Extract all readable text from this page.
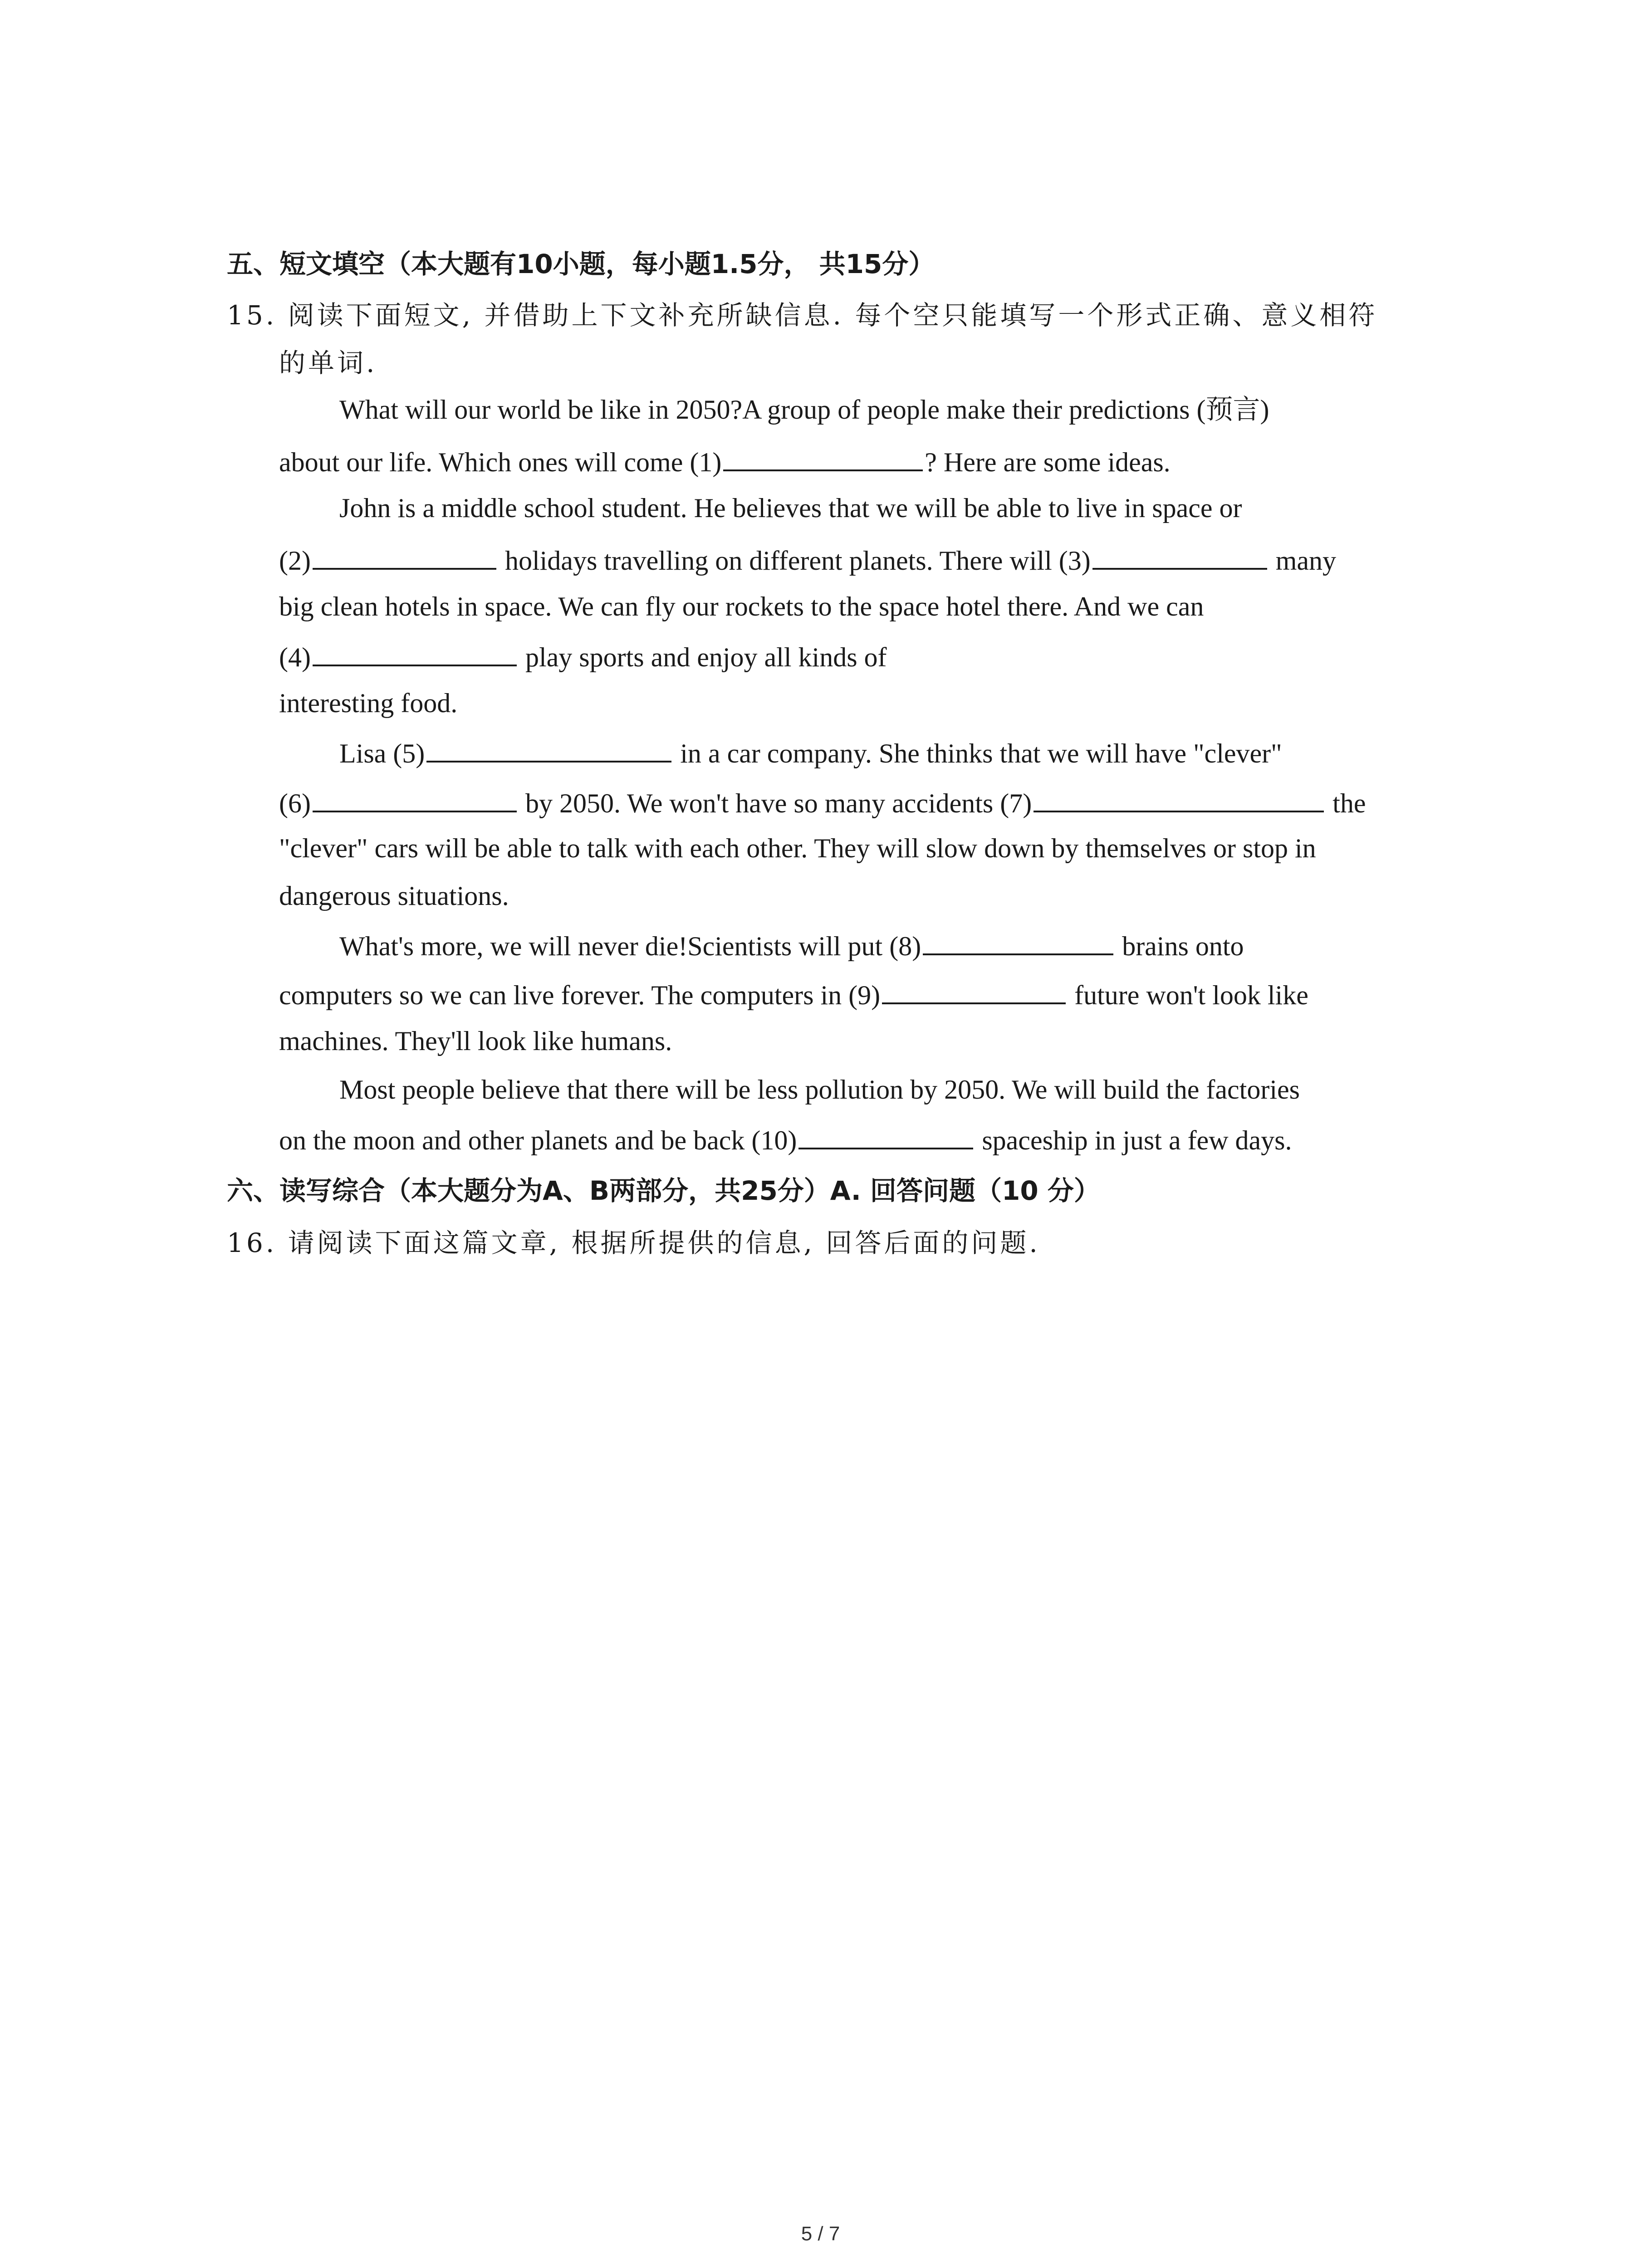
五、短文填空（本大题有10小题，每小题1.5分， 共15分）
15. 阅读下面短文, 并借助上下文补充所缺信息. 每个空只能填写一个形式正确、意义相符
的单词.
What will our world be like in 2050?A group of people make their predictions (预言)
about our life. Which ones will come (1)	? Here are some ideas.
John is a middle school student. He believes that we will be able to live in space or
(2)	holidays travelling on different planets. There will (3)	many
big clean hotels in space. We can fly our rockets to the space hotel there. And we can
(4)	play sports and enjoy all kinds of
interesting food.
Lisa (5)	in a car company. She thinks that we will have "clever"
(6)	by 2050. We won't have so many accidents (7)	the
"clever" cars will be able to talk with each other. They will slow down by themselves or stop in
dangerous situations.
What's more, we will never die!Scientists will put (8)	brains onto
computers so we can live forever. The computers in (9)	future won't look like
machines. They'll look like humans.
Most people believe that there will be less pollution by 2050. We will build the factories
on the moon and other planets and be back (10)	spaceship in just a few days.
六、读写综合（本大题分为A、B两部分，共25分）A. 回答问题（10 分）
16. 请阅读下面这篇文章, 根据所提供的信息, 回答后面的问题.
5 / 7
